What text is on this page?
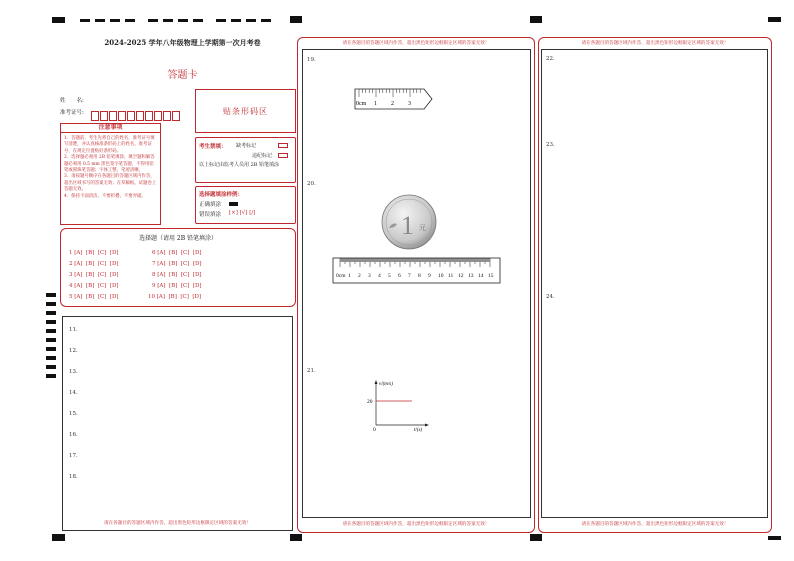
2024-2025 学年八年级物理上学期第一次月考卷
答题卡
姓　　名:
准考证号:	贴条形码区
注意事项
1．答题前，考生先将自己的姓名，准考证号填写清楚，并认真核准条形码上的姓名、准考证号，在规定位置贴好条形码。
2．选择题必须用 2B 铅笔填涂；填空题和解答题必须用 0.5 mm 黑色签字笔答题，不得用铅笔或圆珠笔答题；字体工整、笔迹清晰。
3．请按题号顺序在各题目的答题区域内作答，超出区域书写的答案无效；在草稿纸、试题卷上答题无效。
4．保持卡面清洁，不要折叠、不要弄破。
考生禁填： 缺考标记
违纪标记
以上标记由监考人员用 2B 铅笔填涂
选择题填涂样例：
正确填涂
错误填涂 [×] [√] [/]
选择题（请用 2B 铅笔填涂）
1 [A]  [B]  [C]  [D]
2 [A]  [B]  [C]  [D]
3 [A]  [B]  [C]  [D]
4 [A]  [B]  [C]  [D]
5 [A]  [B]  [C]  [D]
6 [A]  [B]  [C]  [D]
7 [A]  [B]  [C]  [D]
8 [A]  [B]  [C]  [D]
9 [A]  [B]  [C]  [D]
10 [A]  [B]  [C]  [D]
11.
12.
13.
14.
15.
16.
17.
18.
请在各题目的答题区域内作答，超出黑色矩形边框限定区域的答案无效！
请在各题目的答题区域内作答，超出黑色矩形边框限定区域的答案无效！
请在各题目的答题区域内作答，超出黑色矩形边框限定区域的答案无效！
19.
20.
21.
0cm 1 2 3
1 元
0cm 1 2 3 4 5 6 7 8 9 10 11 12 13 14 15
v/(m/s)
20
0	t/(s)
请在各题目的答题区域内作答，超出黑色矩形边框限定区域的答案无效！
请在各题目的答题区域内作答，超出黑色矩形边框限定区域的答案无效！
22.
23.
24.
